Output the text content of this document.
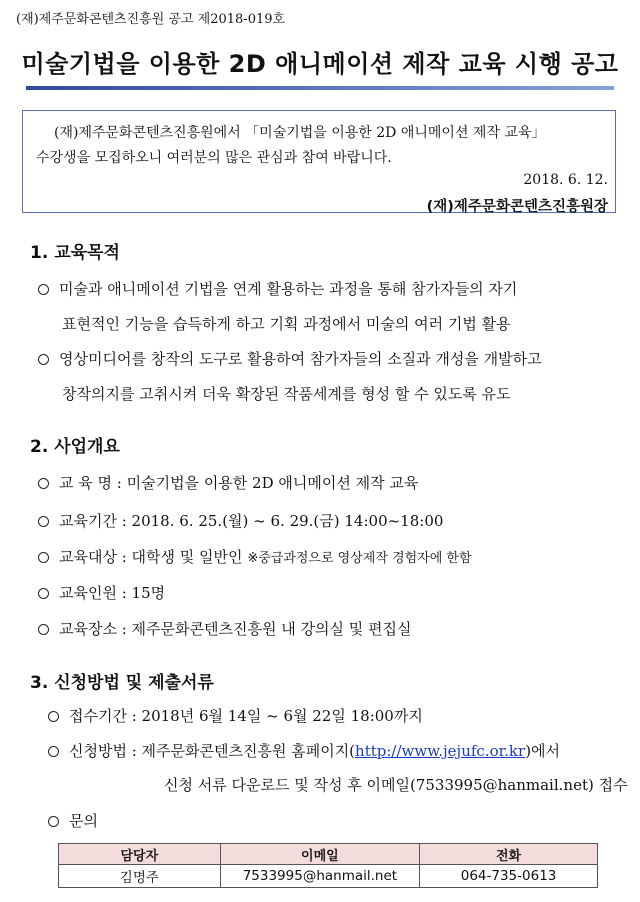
(재)제주문화콘텐츠진흥원 공고 제2018-019호
미술기법을 이용한 2D 애니메이션 제작 교육 시행 공고
(재)제주문화콘텐츠진흥원에서 「미술기법을 이용한 2D 애니메이션 제작 교육」
수강생을 모집하오니 여러분의 많은 관심과 참여 바랍니다.
2018. 6. 12.
(재)제주문화콘텐츠진흥원장
1. 교육목적
미술과 애니메이션 기법을 연계 활용하는 과정을 통해 참가자들의 자기
표현적인 기능을 습득하게 하고 기획 과정에서 미술의 여러 기법 활용
영상미디어를 창작의 도구로 활용하여 참가자들의 소질과 개성을 개발하고
창작의지를 고취시켜 더욱 확장된 작품세계를 형성 할 수 있도록 유도
2. 사업개요
교 육 명 : 미술기법을 이용한 2D 애니메이션 제작 교육
교육기간 : 2018. 6. 25.(월) ~ 6. 29.(금) 14:00~18:00
교육대상 : 대학생 및 일반인 ※중급과정으로 영상제작 경험자에 한함
교육인원 : 15명
교육장소 : 제주문화콘텐츠진흥원 내 강의실 및 편집실
3. 신청방법 및 제출서류
접수기간 : 2018년 6월 14일 ~ 6월 22일 18:00까지
신청방법 : 제주문화콘텐츠진흥원 홈페이지(http://www.jejufc.or.kr)에서
신청 서류 다운로드 및 작성 후 이메일(7533995@hanmail.net) 접수
문의
담당자	이메일	전화
김명주	7533995@hanmail.net	064-735-0613
